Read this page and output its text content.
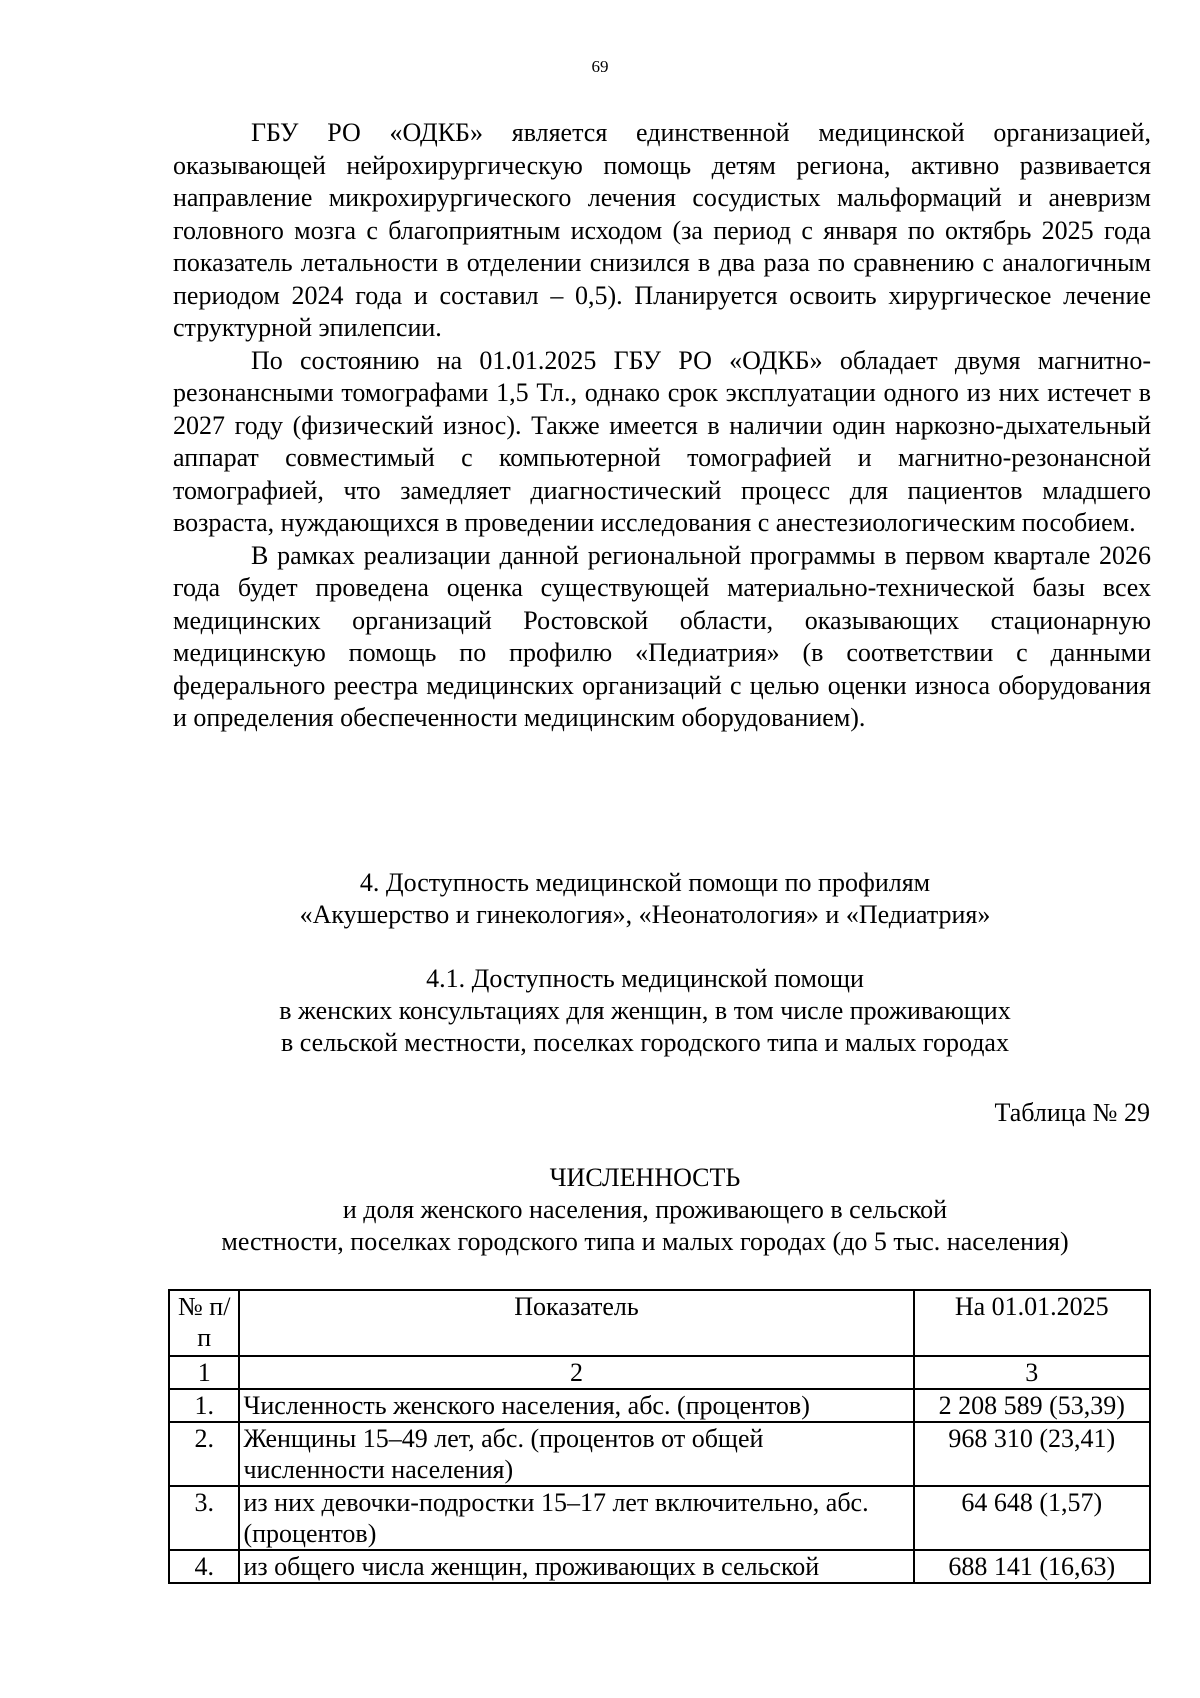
69

ГБУ РО «ОДКБ» является единственной медицинской организацией, оказывающей нейрохирургическую помощь детям региона, активно развивается направление микрохирургического лечения сосудистых мальформаций и аневризм головного мозга с благоприятным исходом (за период с января по октябрь 2025 года показатель летальности в отделении снизился в два раза по сравнению с аналогичным периодом 2024 года и составил – 0,5). Планируется освоить хирургическое лечение структурной эпилепсии.

По состоянию на 01.01.2025 ГБУ РО «ОДКБ» обладает двумя магнитно-резонансными томографами 1,5 Тл., однако срок эксплуатации одного из них истечет в 2027 году (физический износ). Также имеется в наличии один наркозно-дыхательный аппарат совместимый с компьютерной томографией и магнитно-резонансной томографией, что замедляет диагностический процесс для пациентов младшего возраста, нуждающихся в проведении исследования с анестезиологическим пособием.

В рамках реализации данной региональной программы в первом квартале 2026 года будет проведена оценка существующей материально-технической базы всех медицинских организаций Ростовской области, оказывающих стационарную медицинскую помощь по профилю «Педиатрия» (в соответствии с данными федерального реестра медицинских организаций с целью оценки износа оборудования и определения обеспеченности медицинским оборудованием).

4. Доступность медицинской помощи по профилям
«Акушерство и гинекология», «Неонатология» и «Педиатрия»
4.1. Доступность медицинской помощи
в женских консультациях для женщин, в том числе проживающих
в сельской местности, поселках городского типа и малых городах
Таблица № 29
ЧИСЛЕННОСТЬ
и доля женского населения, проживающего в сельской
местности, поселках городского типа и малых городах (до 5 тыс. населения)
№ п/п	Показатель	На 01.01.2025
1	2	3
1.	Численность женского населения, абс. (процентов)	2 208 589 (53,39)
2.	Женщины 15–49 лет, абс. (процентов от общей численности населения)	968 310 (23,41)
3.	из них девочки-подростки 15–17 лет включительно, абс. (процентов)	64 648 (1,57)
4.	из общего числа женщин, проживающих в сельской	688 141 (16,63)
